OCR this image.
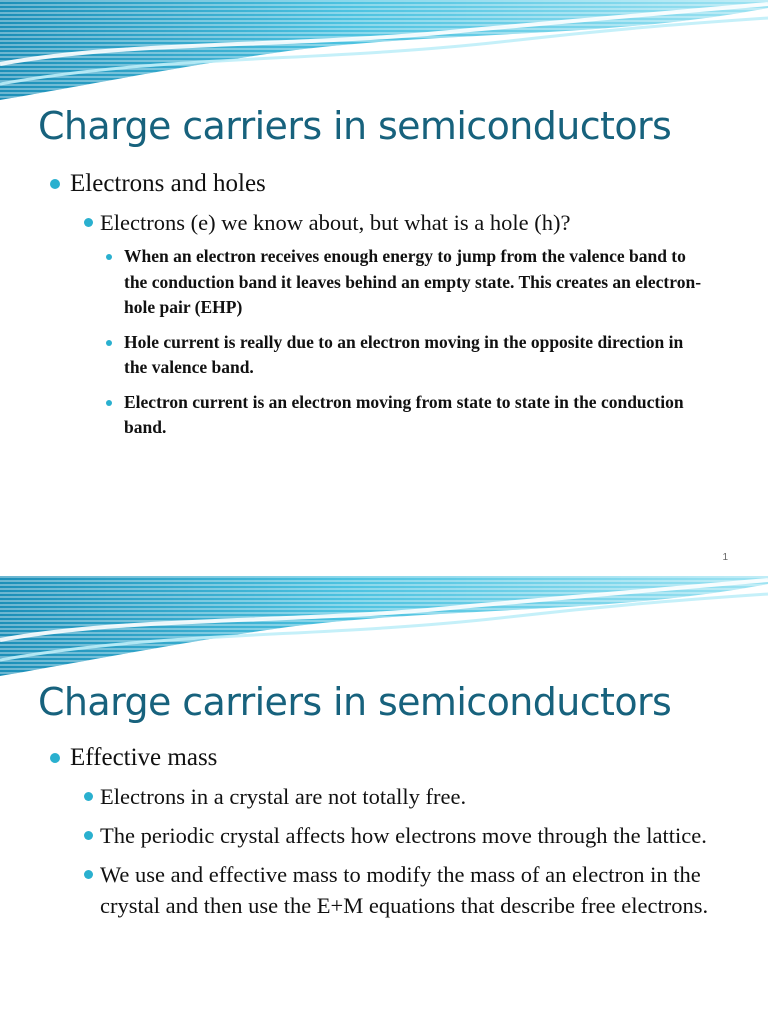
Charge carriers in semiconductors
Electrons and holes
Electrons (e) we know about, but what is a hole (h)?
When an electron receives enough energy to jump from the valence band to the conduction band it leaves behind an empty state. This creates an electron-hole pair (EHP)
Hole current is really due to an electron moving in the opposite direction in the valence band.
Electron current is an electron moving from state to state in the conduction band.
1
Charge carriers in semiconductors
Effective mass
Electrons in a crystal are not totally free.
The periodic crystal affects how electrons move through the lattice.
We use and effective mass to modify the mass of an electron in the crystal and then use the E+M equations that describe free electrons.
